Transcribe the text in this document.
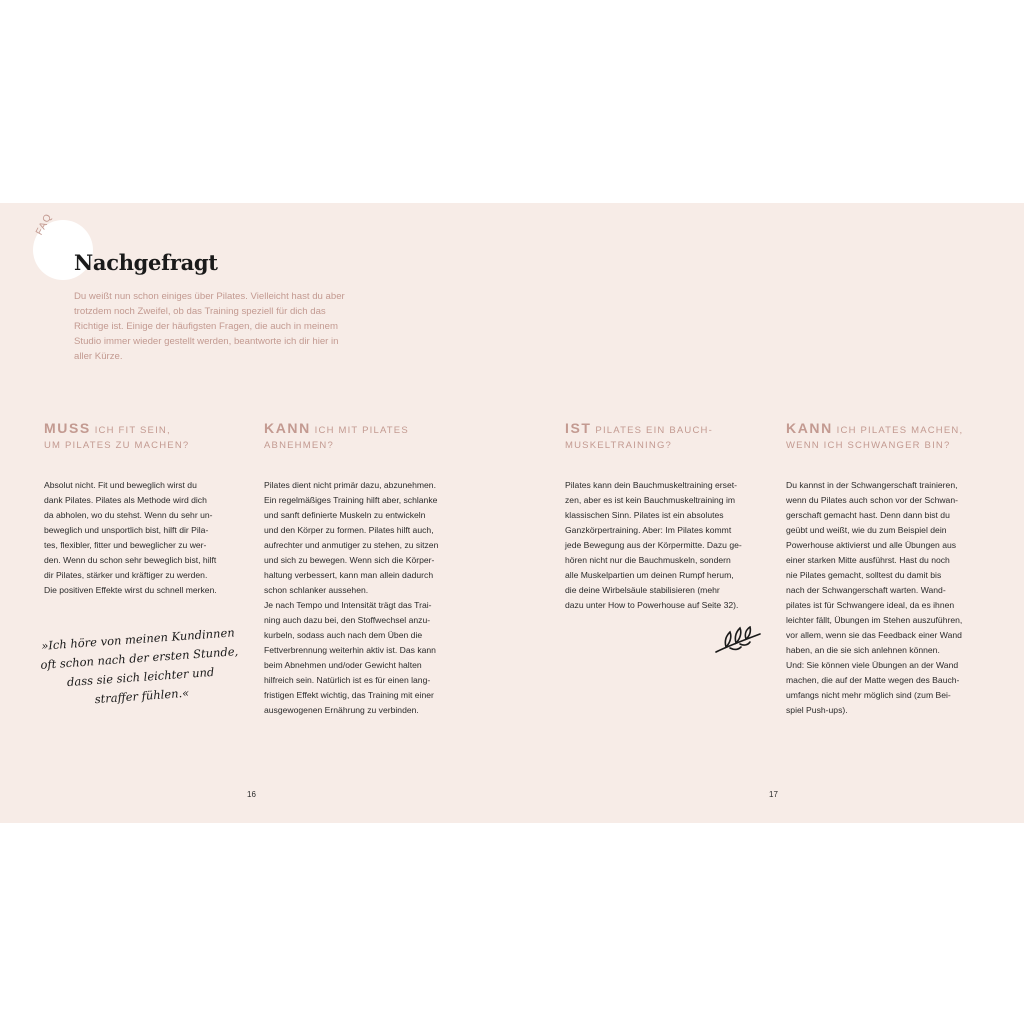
FAQ
Nachgefragt

Du weißt nun schon einiges über Pilates. Vielleicht hast du aber
trotzdem noch Zweifel, ob das Training speziell für dich das
Richtige ist. Einige der häufigsten Fragen, die auch in meinem
Studio immer wieder gestellt werden, beantworte ich dir hier in
aller Kürze.

MUSS ICH FIT SEIN,
UM PILATES ZU MACHEN?
Absolut nicht. Fit und beweglich wirst du
dank Pilates. Pilates als Methode wird dich
da abholen, wo du stehst. Wenn du sehr un-
beweglich und unsportlich bist, hilft dir Pila-
tes, flexibler, fitter und beweglicher zu wer-
den. Wenn du schon sehr beweglich bist, hilft
dir Pilates, stärker und kräftiger zu werden.
Die positiven Effekte wirst du schnell merken.
KANN ICH MIT PILATES
ABNEHMEN?
Pilates dient nicht primär dazu, abzunehmen.
Ein regelmäßiges Training hilft aber, schlanke
und sanft definierte Muskeln zu entwickeln
und den Körper zu formen. Pilates hilft auch,
aufrechter und anmutiger zu stehen, zu sitzen
und sich zu bewegen. Wenn sich die Körper-
haltung verbessert, kann man allein dadurch
schon schlanker aussehen.
Je nach Tempo und Intensität trägt das Trai-
ning auch dazu bei, den Stoffwechsel anzu-
kurbeln, sodass auch nach dem Üben die
Fettverbrennung weiterhin aktiv ist. Das kann
beim Abnehmen und/oder Gewicht halten
hilfreich sein. Natürlich ist es für einen lang-
fristigen Effekt wichtig, das Training mit einer
ausgewogenen Ernährung zu verbinden.
IST PILATES EIN BAUCH-
MUSKELTRAINING?
Pilates kann dein Bauchmuskeltraining erset-
zen, aber es ist kein Bauchmuskeltraining im
klassischen Sinn. Pilates ist ein absolutes
Ganzkörpertraining. Aber: Im Pilates kommt
jede Bewegung aus der Körpermitte. Dazu ge-
hören nicht nur die Bauchmuskeln, sondern
alle Muskelpartien um deinen Rumpf herum,
die deine Wirbelsäule stabilisieren (mehr
dazu unter How to Powerhouse auf Seite 32).
KANN ICH PILATES MACHEN,
WENN ICH SCHWANGER BIN?
Du kannst in der Schwangerschaft trainieren,
wenn du Pilates auch schon vor der Schwan-
gerschaft gemacht hast. Denn dann bist du
geübt und weißt, wie du zum Beispiel dein
Powerhouse aktivierst und alle Übungen aus
einer starken Mitte ausführst. Hast du noch
nie Pilates gemacht, solltest du damit bis
nach der Schwangerschaft warten. Wand-
pilates ist für Schwangere ideal, da es ihnen
leichter fällt, Übungen im Stehen auszuführen,
vor allem, wenn sie das Feedback einer Wand
haben, an die sie sich anlehnen können.
Und: Sie können viele Übungen an der Wand
machen, die auf der Matte wegen des Bauch-
umfangs nicht mehr möglich sind (zum Bei-
spiel Push-ups).
»Ich höre von meinen Kundinnen
oft schon nach der ersten Stunde,
dass sie sich leichter und
straffer fühlen.«
16	17
